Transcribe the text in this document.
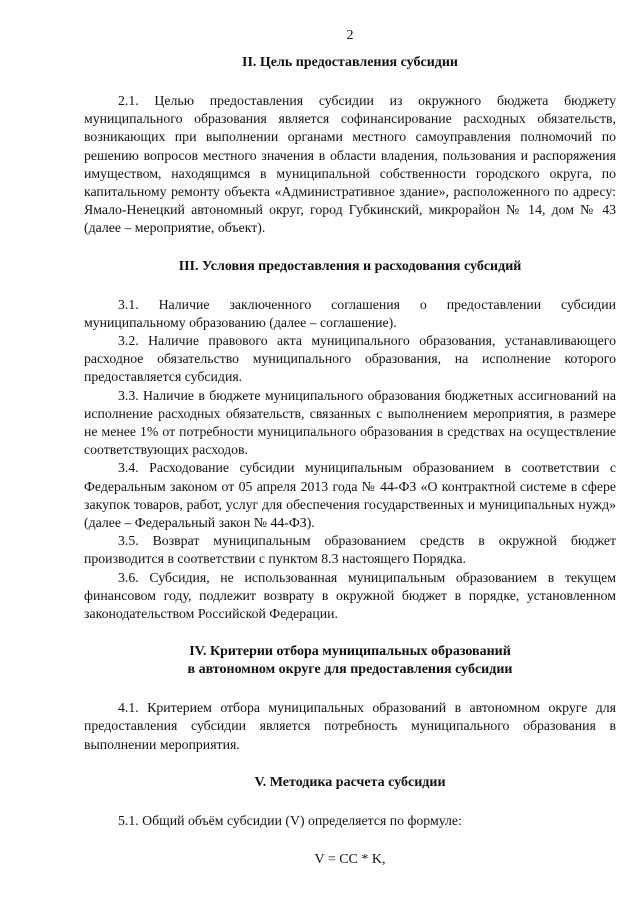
2
II. Цель предоставления субсидии

2.1. Целью предоставления субсидии из окружного бюджета бюджету муниципального образования является софинансирование расходных обязательств, возникающих при выполнении органами местного самоуправления полномочий по решению вопросов местного значения в области владения, пользования и распоряжения имуществом, находящимся в муниципальной собственности городского округа, по капитальному ремонту объекта «Административное здание», расположенного по адресу: Ямало-Ненецкий автономный округ, город Губкинский, микрорайон № 14, дом № 43 (далее – мероприятие, объект).

III. Условия предоставления и расходования субсидий

3.1. Наличие заключенного соглашения о предоставлении субсидии муниципальному образованию (далее – соглашение).

3.2. Наличие правового акта муниципального образования, устанавливающего расходное обязательство муниципального образования, на исполнение которого предоставляется субсидия.

3.3. Наличие в бюджете муниципального образования бюджетных ассигнований на исполнение расходных обязательств, связанных с выполнением мероприятия, в размере не менее 1% от потребности муниципального образования в средствах на осуществление соответствующих расходов.

3.4. Расходование субсидии муниципальным образованием в соответствии с Федеральным законом от 05 апреля 2013 года № 44-ФЗ «О контрактной системе в сфере закупок товаров, работ, услуг для обеспечения государственных и муниципальных нужд» (далее – Федеральный закон № 44-ФЗ).

3.5. Возврат муниципальным образованием средств в окружной бюджет производится в соответствии с пунктом 8.3 настоящего Порядка.

3.6. Субсидия, не использованная муниципальным образованием в текущем финансовом году, подлежит возврату в окружной бюджет в порядке, установленном законодательством Российской Федерации.

IV. Критерии отбора муниципальных образований
в автономном округе для предоставления субсидии

4.1. Критерием отбора муниципальных образований в автономном округе для предоставления субсидии является потребность муниципального образования в выполнении мероприятия.

V. Методика расчета субсидии

5.1. Общий объём субсидии (V) определяется по формуле:

V = CC * K,
